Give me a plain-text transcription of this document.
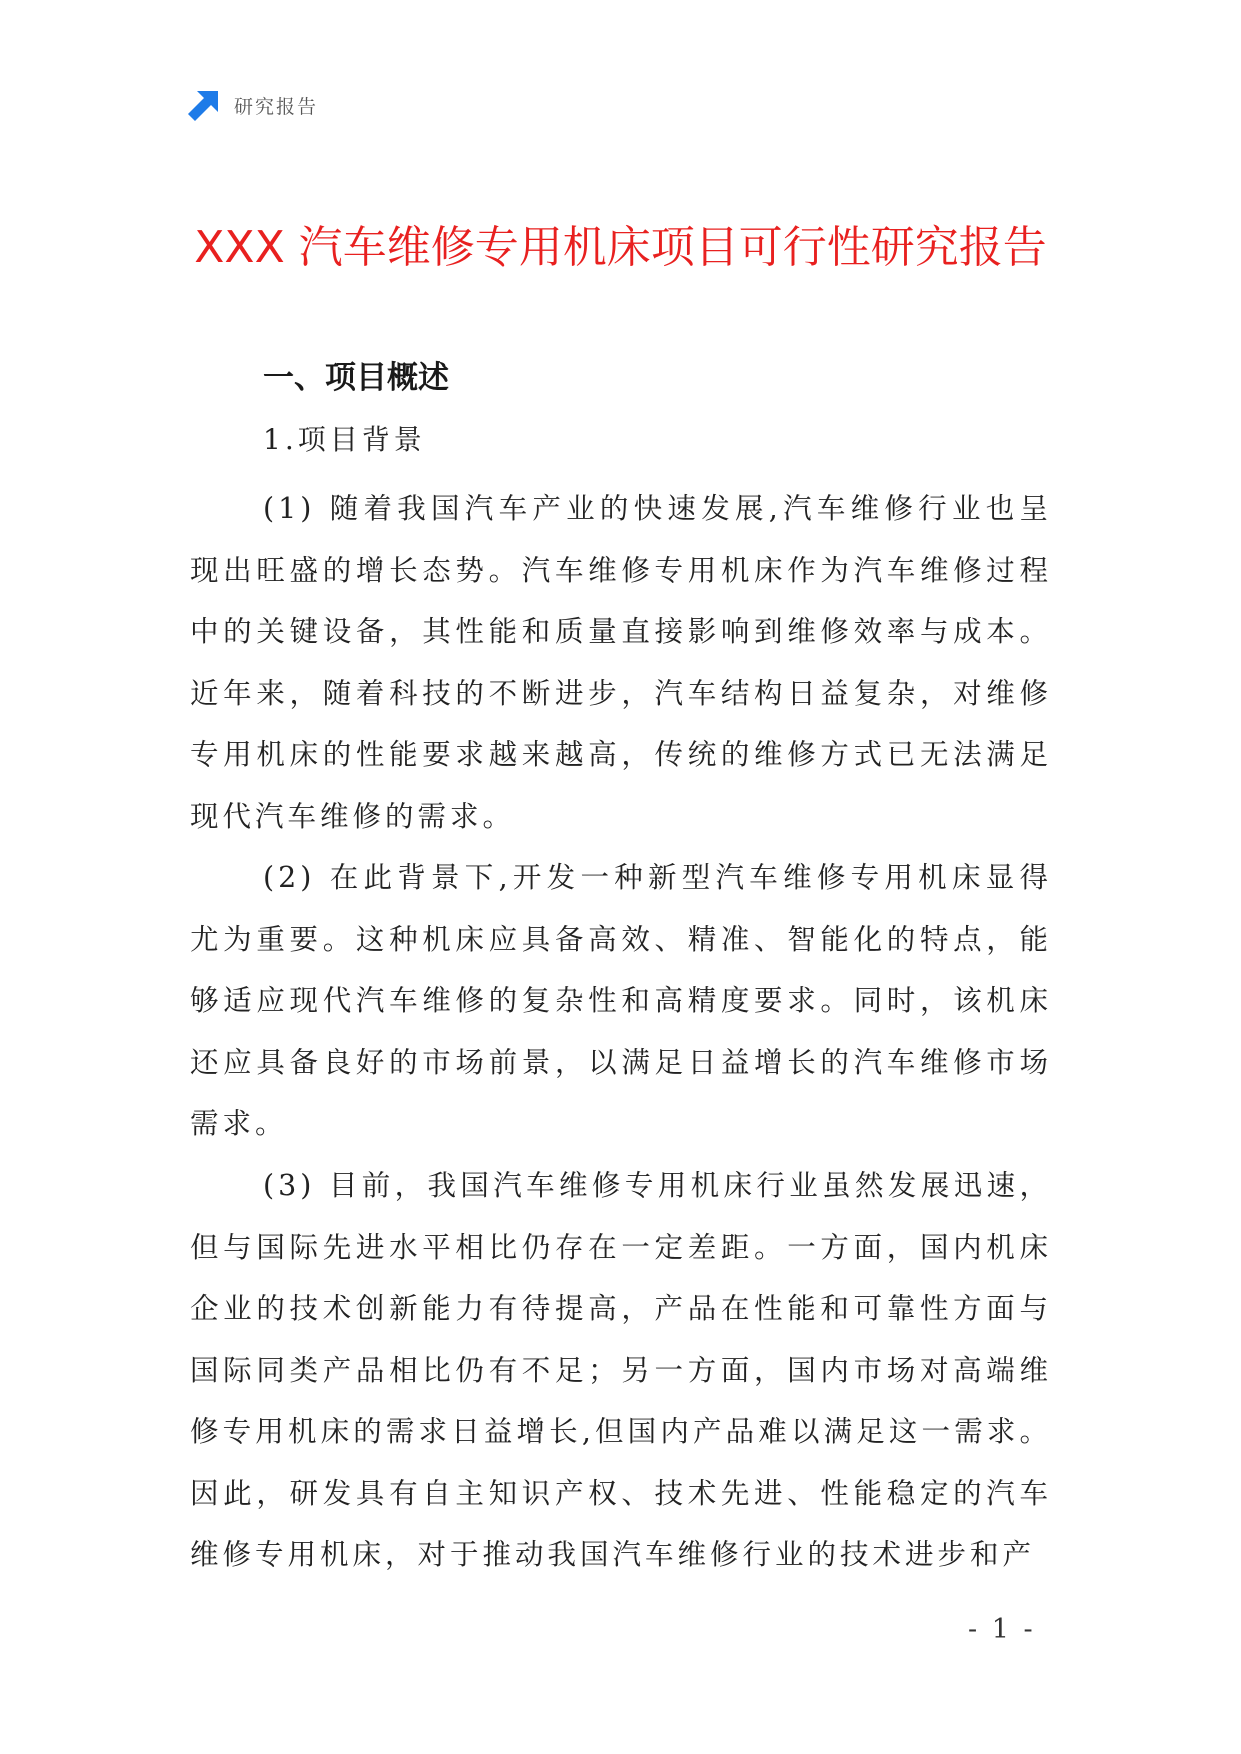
研究报告
XXX 汽车维修专用机床项目可行性研究报告
一、项目概述
1.项目背景

(1) 随着我国汽车产业的快速发展,汽车维修行业也呈现出旺盛的增长态势。汽车维修专用机床作为汽车维修过程中的关键设备，其性能和质量直接影响到维修效率与成本。近年来，随着科技的不断进步，汽车结构日益复杂，对维修专用机床的性能要求越来越高，传统的维修方式已无法满足现代汽车维修的需求。

(2) 在此背景下,开发一种新型汽车维修专用机床显得尤为重要。这种机床应具备高效、精准、智能化的特点，能够适应现代汽车维修的复杂性和高精度要求。同时，该机床还应具备良好的市场前景，以满足日益增长的汽车维修市场需求。

(3) 目前，我国汽车维修专用机床行业虽然发展迅速，但与国际先进水平相比仍存在一定差距。一方面，国内机床企业的技术创新能力有待提高，产品在性能和可靠性方面与国际同类产品相比仍有不足；另一方面，国内市场对高端维修专用机床的需求日益增长,但国内产品难以满足这一需求。因此，研发具有自主知识产权、技术先进、性能稳定的汽车维修专用机床，对于推动我国汽车维修行业的技术进步和产

- 1 -
